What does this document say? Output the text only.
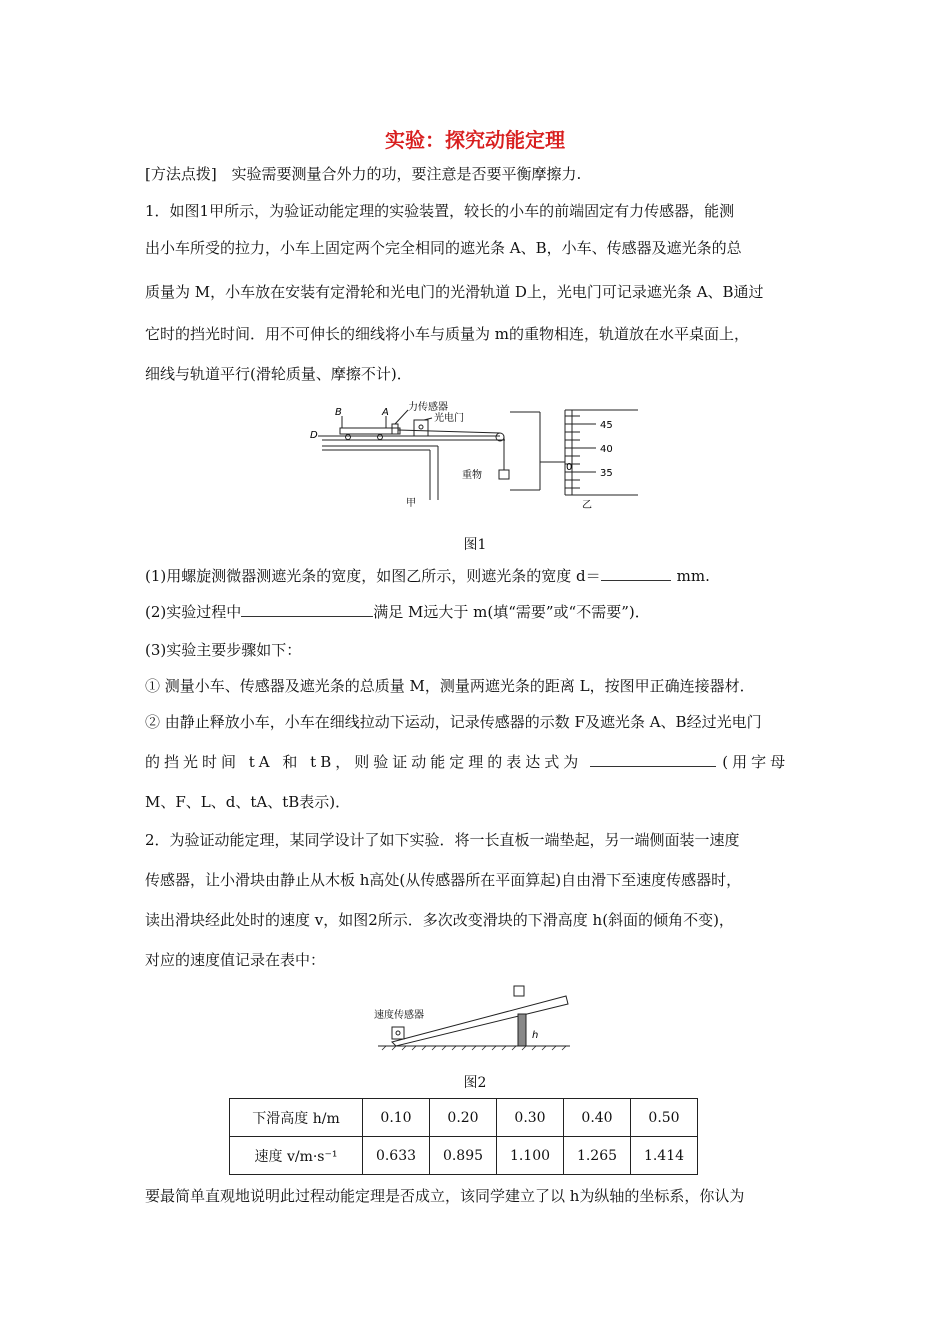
实验：探究动能定理
[方法点拨] 实验需要测量合外力的功，要注意是否要平衡摩擦力.
1．如图1甲所示，为验证动能定理的实验装置，较长的小车的前端固定有力传感器，能测
出小车所受的拉力，小车上固定两个完全相同的遮光条 A、B，小车、传感器及遮光条的总
质量为 M，小车放在安装有定滑轮和光电门的光滑轨道 D上，光电门可记录遮光条 A、B通过
它时的挡光时间．用不可伸长的细线将小车与质量为 m的重物相连，轨道放在水平桌面上，
细线与轨道平行(滑轮质量、摩擦不计)．
B	A
D
力传感器
光电门
重物
甲
45
40
35
0
乙
图1
(1)用螺旋测微器测遮光条的宽度，如图乙所示，则遮光条的宽度 d＝	mm.
(2)实验过程中	满足 M远大于 m(填“需要”或“不需要”)．
(3)实验主要步骤如下：
① 测量小车、传感器及遮光条的总质量 M，测量两遮光条的距离 L，按图甲正确连接器材．
② 由静止释放小车，小车在细线拉动下运动，记录传感器的示数 F及遮光条 A、B经过光电门
的挡光时间 tA 和 tB，则验证动能定理的表达式为	(用字母
M、F、L、d、tA、tB表示)．
2．为验证动能定理，某同学设计了如下实验．将一长直板一端垫起，另一端侧面装一速度
传感器，让小滑块由静止从木板 h高处(从传感器所在平面算起)自由滑下至速度传感器时，
读出滑块经此处时的速度 v，如图2所示．多次改变滑块的下滑高度 h(斜面的倾角不变)，
对应的速度值记录在表中：
速度传感器
h
图2
下滑高度 h/m	0.10	0.20	0.30	0.40	0.50
速度 v/m·s⁻¹	0.633	0.895	1.100	1.265	1.414
要最简单直观地说明此过程动能定理是否成立，该同学建立了以 h为纵轴的坐标系，你认为
